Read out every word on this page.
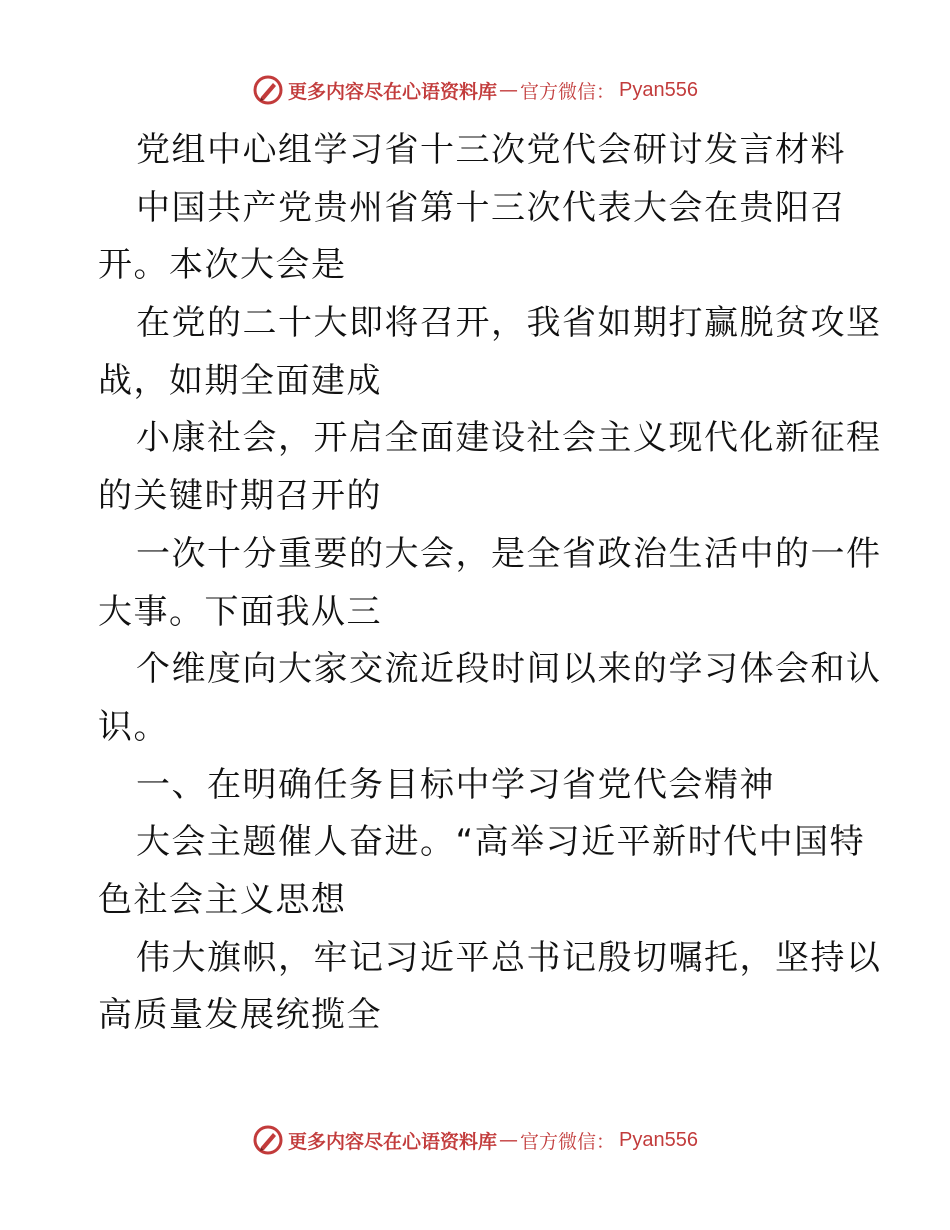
更多内容尽在心语资料库 — 官方微信： Pyan556
党组中心组学习省十三次党代会研讨发言材料
中国共产党贵州省第十三次代表大会在贵阳召
开。本次大会是
在党的二十大即将召开，我省如期打赢脱贫攻坚
战，如期全面建成
小康社会，开启全面建设社会主义现代化新征程
的关键时期召开的
一次十分重要的大会，是全省政治生活中的一件
大事。下面我从三
个维度向大家交流近段时间以来的学习体会和认
识。
一、在明确任务目标中学习省党代会精神
大会主题催人奋进。“高举习近平新时代中国特
色社会主义思想
伟大旗帜，牢记习近平总书记殷切嘱托，坚持以
高质量发展统揽全
更多内容尽在心语资料库 — 官方微信： Pyan556
